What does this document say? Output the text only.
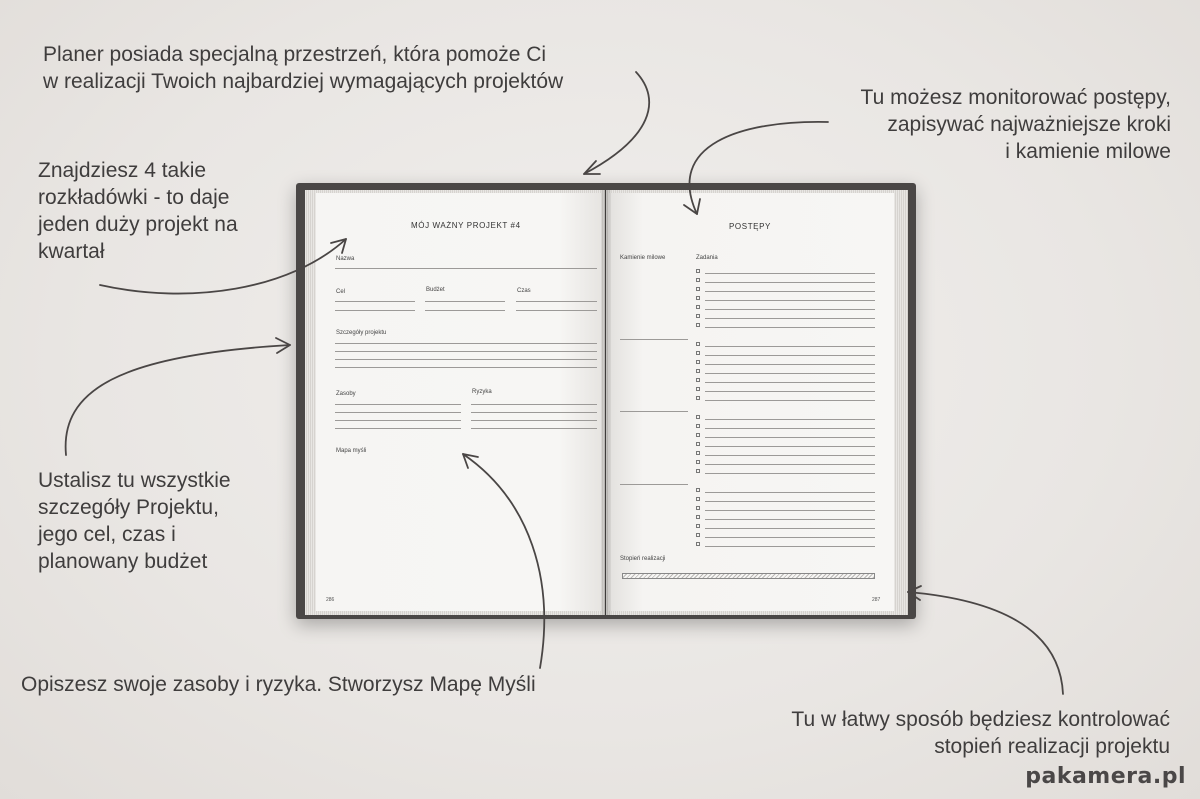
MÓJ WAŻNY PROJEKT #4
Nazwa
Cel	Budżet	Czas
Szczegóły projektu
Zasoby	Ryzyka
Mapa myśli
286
POSTĘPY
Kamienie milowe	Zadania
Stopień realizacji
287
Planer posiada specjalną przestrzeń, która pomoże Ci
w realizacji Twoich najbardziej wymagających projektów
Znajdziesz 4 takie
rozkładówki - to daje
jeden duży projekt na
kwartał
Ustalisz tu wszystkie
szczegóły Projektu,
jego cel, czas i
planowany budżet
Opiszesz swoje zasoby i ryzyka. Stworzysz Mapę Myśli
Tu możesz monitorować postępy,
zapisywać najważniejsze kroki
i kamienie milowe
Tu w łatwy sposób będziesz kontrolować
stopień realizacji projektu
pakamera.pl
